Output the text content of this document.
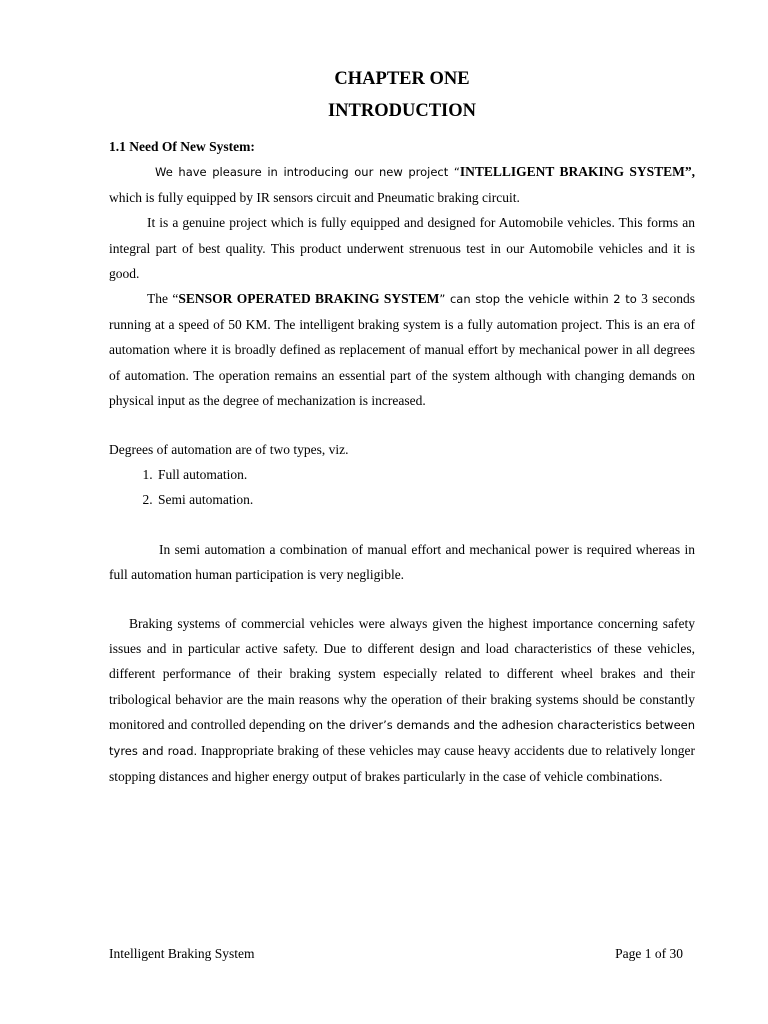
CHAPTER ONE
INTRODUCTION
1.1 Need Of New System:

We have pleasure in introducing our new project “INTELLIGENT BRAKING SYSTEM”, which is fully equipped by IR sensors circuit and Pneumatic braking circuit.

It is a genuine project which is fully equipped and designed for Automobile vehicles. This forms an integral part of best quality. This product underwent strenuous test in our Automobile vehicles and it is good.

The “SENSOR OPERATED BRAKING SYSTEM” can stop the vehicle within 2 to 3 seconds running at a speed of 50 KM. The intelligent braking system is a fully automation project. This is an era of automation where it is broadly defined as replacement of manual effort by mechanical power in all degrees of automation. The operation remains an essential part of the system although with changing demands on physical input as the degree of mechanization is increased.

Degrees of automation are of two types, viz.

1. Full automation.
2. Semi automation.

In semi automation a combination of manual effort and mechanical power is required whereas in full automation human participation is very negligible.

Braking systems of commercial vehicles were always given the highest importance concerning safety issues and in particular active safety. Due to different design and load characteristics of these vehicles, different performance of their braking system especially related to different wheel brakes and their tribological behavior are the main reasons why the operation of their braking systems should be constantly monitored and controlled depending on the driver’s demands and the adhesion characteristics between tyres and road. Inappropriate braking of these vehicles may cause heavy accidents due to relatively longer stopping distances and higher energy output of brakes particularly in the case of vehicle combinations.

Intelligent Braking System	Page 1 of 30
